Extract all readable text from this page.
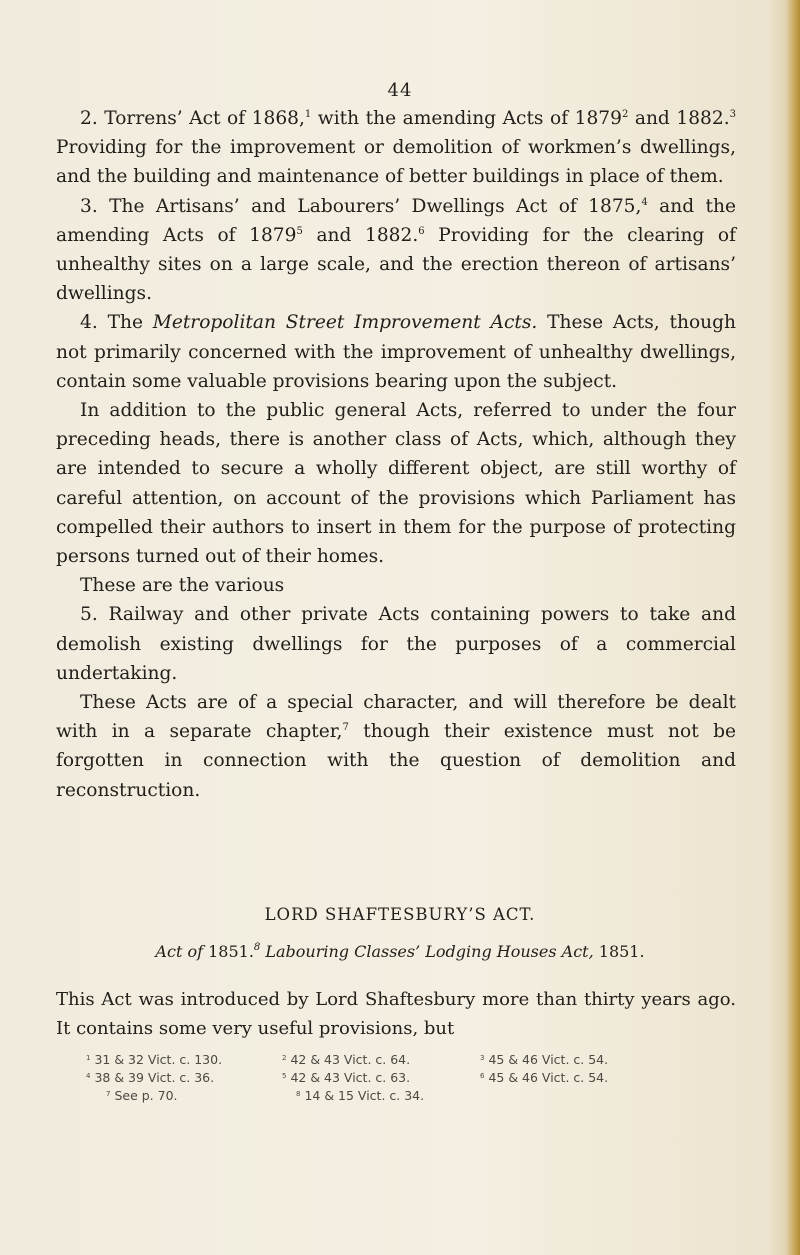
44

2. Torrens’ Act of 1868,$^1$ with the amending Acts of 1879$^2$ and 1882.$^3$ Providing for the improvement or demolition of workmen’s dwellings, and the building and maintenance of better buildings in place of them.

3. The Artisans’ and Labourers’ Dwellings Act of 1875,$^4$ and the amending Acts of 1879$^5$ and 1882.$^6$ Providing for the clearing of unhealthy sites on a large scale, and the erection thereon of artisans’ dwellings.

4. The Metropolitan Street Improvement Acts. These Acts, though not primarily concerned with the improvement of unhealthy dwellings, contain some valuable provisions bearing upon the subject.

In addition to the public general Acts, referred to under the four preceding heads, there is another class of Acts, which, although they are intended to secure a wholly different object, are still worthy of careful attention, on account of the provisions which Parliament has compelled their authors to insert in them for the purpose of protecting persons turned out of their homes.

These are the various

5. Railway and other private Acts containing powers to take and demolish existing dwellings for the purposes of a commercial undertaking.

These Acts are of a special character, and will therefore be dealt with in a separate chapter,$^7$ though their existence must not be forgotten in connection with the question of demolition and reconstruction.

LORD SHAFTESBURY’S ACT.
Act of 1851.$^8$ Labouring Classes’ Lodging Houses Act, 1851.
This Act was introduced by Lord Shaftesbury more than thirty years ago. It contains some very useful provisions, but
$^1$ 31 & 32 Vict. c. 130.	$^2$ 42 & 43 Vict. c. 64.	$^3$ 45 & 46 Vict. c. 54.
$^4$ 38 & 39 Vict. c. 36.	$^5$ 42 & 43 Vict. c. 63.	$^6$ 45 & 46 Vict. c. 54.
$^7$ See p. 70.	$^8$ 14 & 15 Vict. c. 34.
